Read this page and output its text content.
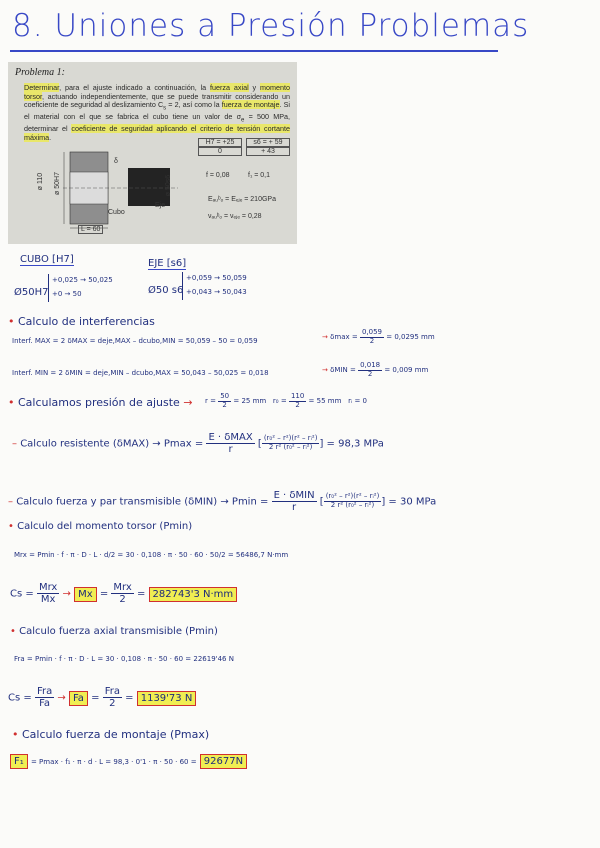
8. Uniones a Presión Problemas
Problema 1:
Determinar, para el ajuste indicado a continuación, la fuerza axial y momento torsor, actuando independientemente, que se puede transmitir considerando un coeficiente de seguridad al deslizamiento $C_s = 2$, así como la fuerza de montaje. Si el material con el que se fabrica el cubo tiene un valor de $\sigma_e = 500$ MPa, determinar el coeficiente de seguridad aplicando el criterio de tensión cortante máxima.
ø 110 ø 50H7	ø 50s6
L = 60
Cubo
Eje
δ
H7 = +25	s6 = + 59
0	+ 43
f = 0,08	f₁ = 0,1
Eₐᵤᵇₒ = Eₑⱼₑ = 210GPa
νₐᵤᵇₒ = νₑⱼₑ = 0,28
CUBO [H7]
Ø50H7
+0,025 → 50,025
+0 → 50
EJE [s6]
Ø50 s6
+0,059 → 50,059
+0,043 → 50,043
• Calculo de interferencias
Interf. MAX = 2 δMAX = deje,MAX – dcubo,MIN = 50,059 – 50 = 0,059	→ $\delta\max = \frac{0,059}{2} = 0,0295$ mm
Interf. MIN = 2 δMIN = deje,MIN – dcubo,MAX = 50,043 – 50,025 = 0,018	→ $\delta MIN = \frac{0,018}{2} = 0,009$ mm
• Calculamos presión de ajuste → $r = \frac{50}{2} = 25$ mm $r_0 = \frac{110}{2} = 55$ mm rᵢ = 0
– Calculo resistente $(\delta MAX) \to Pmax = \frac{\text{E · δMAX}}{r}$ [ $\frac{\text{(r₀² – r²)(r² – rᵢ²)}}{\text{2 r² (r₀² – rᵢ²)}}$ ] = 98,3 MPa
– Calculo fuerza y par transmisible $(\delta MIN) \to Pmin = \frac{\text{E · δMIN}}{r}$ [ $\frac{\text{(r₀² – r²)(r² – rᵢ²)}}{\text{2 r² (r₀² – rᵢ²)}}$ ] = 30 MPa
• Calculo del momento torsor (Pmin)
Mrx = Pmin · f · π · D · L · d/2 = 30 · 0,108 · π · 50 · 60 · 50/2 = 56486,7 N·mm
$Cs = \frac{\text{Mrx}}{Mx} \to Mx = \frac{\text{Mrx}}{2} = 282743'3$ N·mm
• Calculo fuerza axial transmisible (Pmin)
Fra = Pmin · f · π · D · L = 30 · 0,108 · π · 50 · 60 = 22619'46 N
$Cs = \frac{\text{Fra}}{Fa} \to Fa = \frac{\text{Fra}}{2} = 1139'73$ N
• Calculo fuerza de montaje (Pmax)
F₁ = Pmax · f₁ · π · d · L = 98,3 · 0'1 · π · 50 · 60 = 92677N
